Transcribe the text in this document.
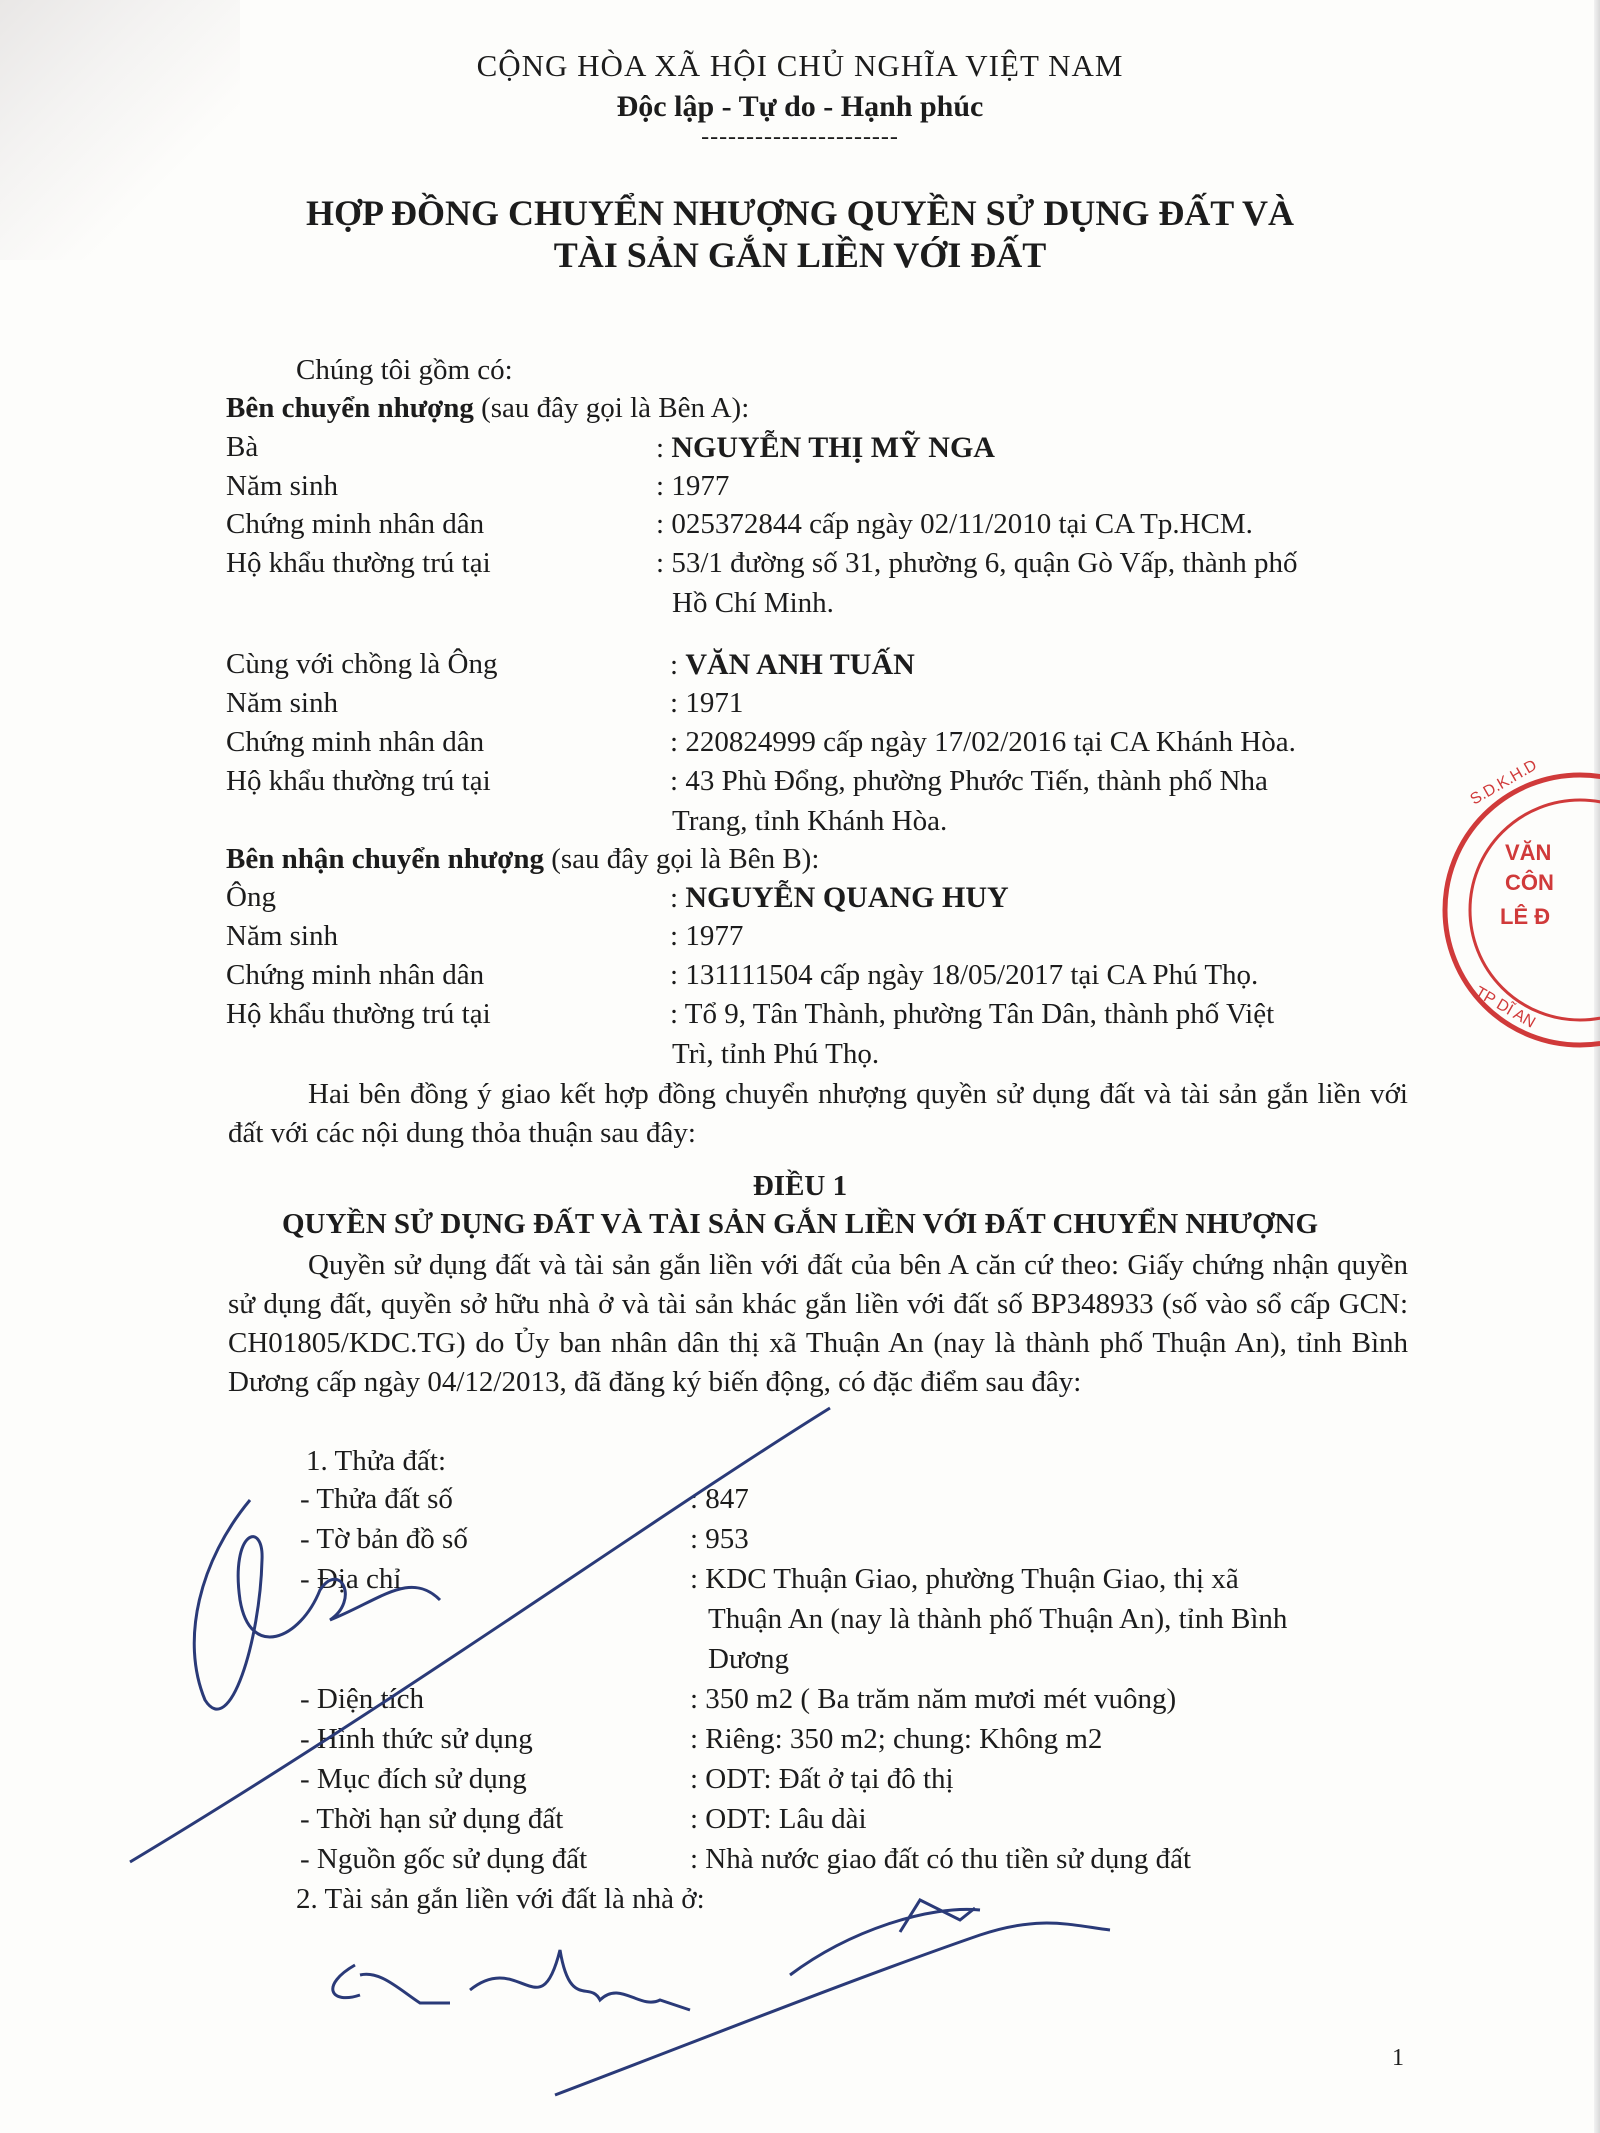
CỘNG HÒA XÃ HỘI CHỦ NGHĨA VIỆT NAM
Độc lập - Tự do - Hạnh phúc
----------------------
HỢP ĐỒNG CHUYỂN NHƯỢNG QUYỀN SỬ DỤNG ĐẤT VÀ
TÀI SẢN GẮN LIỀN VỚI ĐẤT
Chúng tôi gồm có:
Bên chuyển nhượng (sau đây gọi là Bên A):
Bà	: NGUYỄN THỊ MỸ NGA
Năm sinh	: 1977
Chứng minh nhân dân	: 025372844 cấp ngày 02/11/2010 tại CA Tp.HCM.
Hộ khẩu thường trú tại	: 53/1 đường số 31, phường 6, quận Gò Vấp, thành phố
Hồ Chí Minh.
Cùng với chồng là Ông	: VĂN ANH TUẤN
Năm sinh	: 1971
Chứng minh nhân dân	: 220824999 cấp ngày 17/02/2016 tại CA Khánh Hòa.
Hộ khẩu thường trú tại	: 43 Phù Đổng, phường Phước Tiến, thành phố Nha
Trang, tỉnh Khánh Hòa.
Bên nhận chuyển nhượng (sau đây gọi là Bên B):
Ông	: NGUYỄN QUANG HUY
Năm sinh	: 1977
Chứng minh nhân dân	: 131111504 cấp ngày 18/05/2017 tại CA Phú Thọ.
Hộ khẩu thường trú tại	: Tổ 9, Tân Thành, phường Tân Dân, thành phố Việt
Trì, tỉnh Phú Thọ.
Hai bên đồng ý giao kết hợp đồng chuyển nhượng quyền sử dụng đất và tài sản gắn liền với đất với các nội dung thỏa thuận sau đây:
ĐIỀU 1
QUYỀN SỬ DỤNG ĐẤT VÀ TÀI SẢN GẮN LIỀN VỚI ĐẤT CHUYỂN NHƯỢNG
Quyền sử dụng đất và tài sản gắn liền với đất của bên A căn cứ theo: Giấy chứng nhận quyền sử dụng đất, quyền sở hữu nhà ở và tài sản khác gắn liền với đất số BP348933 (số vào sổ cấp GCN: CH01805/KDC.TG) do Ủy ban nhân dân thị xã Thuận An (nay là thành phố Thuận An), tỉnh Bình Dương cấp ngày 04/12/2013, đã đăng ký biến động, có đặc điểm sau đây:
1. Thửa đất:
- Thửa đất số	: 847
- Tờ bản đồ số	: 953
- Địa chỉ	: KDC Thuận Giao, phường Thuận Giao, thị xã
Thuận An (nay là thành phố Thuận An), tỉnh Bình
Dương
- Diện tích	: 350 m2 ( Ba trăm năm mươi mét vuông)
- Hình thức sử dụng	: Riêng: 350 m2; chung: Không m2
- Mục đích sử dụng	: ODT: Đất ở tại đô thị
- Thời hạn sử dụng đất	: ODT: Lâu dài
- Nguồn gốc sử dụng đất	: Nhà nước giao đất có thu tiền sử dụng đất
2. Tài sản gắn liền với đất là nhà ở:
1
VĂN
CÔN
LÊ Đ
S.D.K.H.D
TP DĨ AN
